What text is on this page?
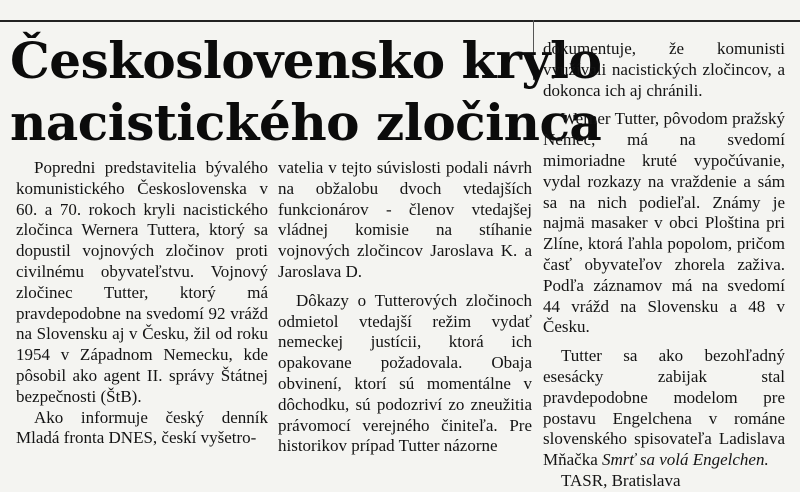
Československo krylo
nacistického zločinca

Popredni predstavitelia bývalého komunistického Československa v 60. a 70. rokoch kryli nacistického zločinca Wernera Tuttera, ktorý sa dopustil vojnových zločinov proti civilnému obyvateľstvu. Vojnový zločinec Tutter, ktorý má pravdepodobne na svedomí 92 vrážd na Slovensku aj v Česku, žil od roku 1954 v Západnom Nemecku, kde pôsobil ako agent II. správy Štátnej bezpečnosti (ŠtB).

Ako informuje český denník Mladá fronta DNES, českí vyšetro-

vatelia v tejto súvislosti podali návrh na obžalobu dvoch vtedajších funkcionárov - členov vtedajšej vládnej komisie na stíhanie vojnových zločincov Jaroslava K. a Jaroslava D.

Dôkazy o Tutterových zločinoch odmietol vtedajší režim vydať nemeckej justícii, ktorá ich opakovane požadovala. Obaja obvinení, ktorí sú momentálne v dôchodku, sú podozriví zo zneužitia právomocí verejného činiteľa. Pre historikov prípad Tutter názorne

dokumentuje, že komunisti využívali nacistických zločincov, a dokonca ich aj chránili.

Werner Tutter, pôvodom pražský Nemec, má na svedomí mimoriadne kruté vypočúvanie, vydal rozkazy na vraždenie a sám sa na nich podieľal. Známy je najmä masaker v obci Ploština pri Zlíne, ktorá ľahla popolom, pričom časť obyvateľov zhorela zaživa. Podľa záznamov má na svedomí 44 vrážd na Slovensku a 48 v Česku.

Tutter sa ako bezohľadný esesácky zabijak stal pravdepodobne modelom pre postavu Engelchena v románe slovenského spisovateľa Ladislava Mňačka Smrť sa volá Engelchen.

TASR, Bratislava
